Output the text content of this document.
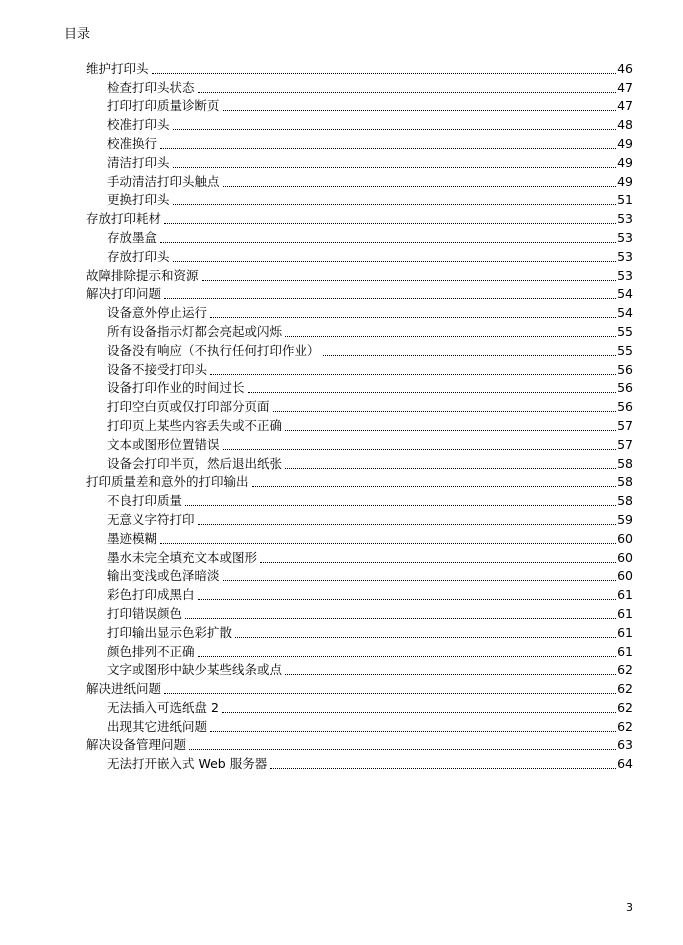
目录
维护打印头	46
检查打印头状态	47
打印打印质量诊断页	47
校准打印头	48
校准换行	49
清洁打印头	49
手动清洁打印头触点	49
更换打印头	51
存放打印耗材	53
存放墨盒	53
存放打印头	53
故障排除提示和资源	53
解决打印问题	54
设备意外停止运行	54
所有设备指示灯都会亮起或闪烁	55
设备没有响应（不执行任何打印作业）	55
设备不接受打印头	56
设备打印作业的时间过长	56
打印空白页或仅打印部分页面	56
打印页上某些内容丢失或不正确	57
文本或图形位置错误	57
设备会打印半页，然后退出纸张	58
打印质量差和意外的打印输出	58
不良打印质量	58
无意义字符打印	59
墨迹模糊	60
墨水未完全填充文本或图形	60
输出变浅或色泽暗淡	60
彩色打印成黑白	61
打印错误颜色	61
打印输出显示色彩扩散	61
颜色排列不正确	61
文字或图形中缺少某些线条或点	62
解决进纸问题	62
无法插入可选纸盘 2	62
出现其它进纸问题	62
解决设备管理问题	63
无法打开嵌入式 Web 服务器	64
3
